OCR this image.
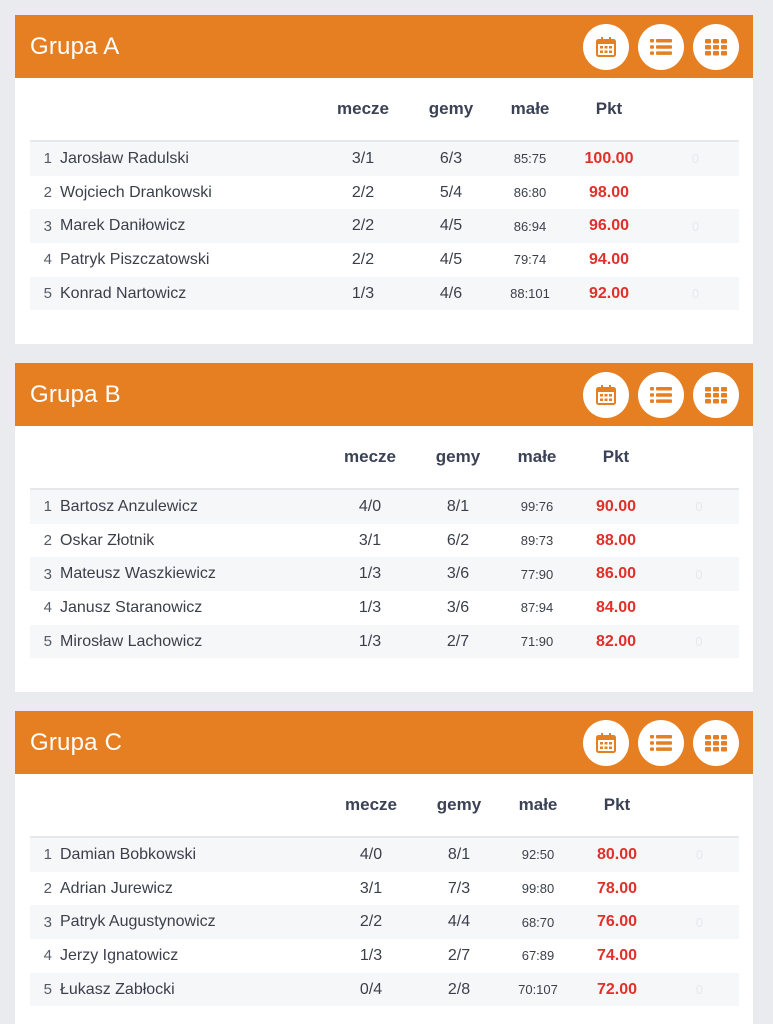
Grupa A
		mecze	gemy	małe	Pkt	
1	Jarosław Radulski	3/1	6/3	85:75	100.00	0
2	Wojciech Drankowski	2/2	5/4	86:80	98.00	
3	Marek Daniłowicz	2/2	4/5	86:94	96.00	0
4	Patryk Piszczatowski	2/2	4/5	79:74	94.00	
5	Konrad Nartowicz	1/3	4/6	88:101	92.00	0
Grupa B
		mecze	gemy	małe	Pkt	
1	Bartosz Anzulewicz	4/0	8/1	99:76	90.00	0
2	Oskar Złotnik	3/1	6/2	89:73	88.00	
3	Mateusz Waszkiewicz	1/3	3/6	77:90	86.00	0
4	Janusz Staranowicz	1/3	3/6	87:94	84.00	
5	Mirosław Lachowicz	1/3	2/7	71:90	82.00	0
Grupa C
		mecze	gemy	małe	Pkt	
1	Damian Bobkowski	4/0	8/1	92:50	80.00	0
2	Adrian Jurewicz	3/1	7/3	99:80	78.00	
3	Patryk Augustynowicz	2/2	4/4	68:70	76.00	0
4	Jerzy Ignatowicz	1/3	2/7	67:89	74.00	
5	Łukasz Zabłocki	0/4	2/8	70:107	72.00	0
